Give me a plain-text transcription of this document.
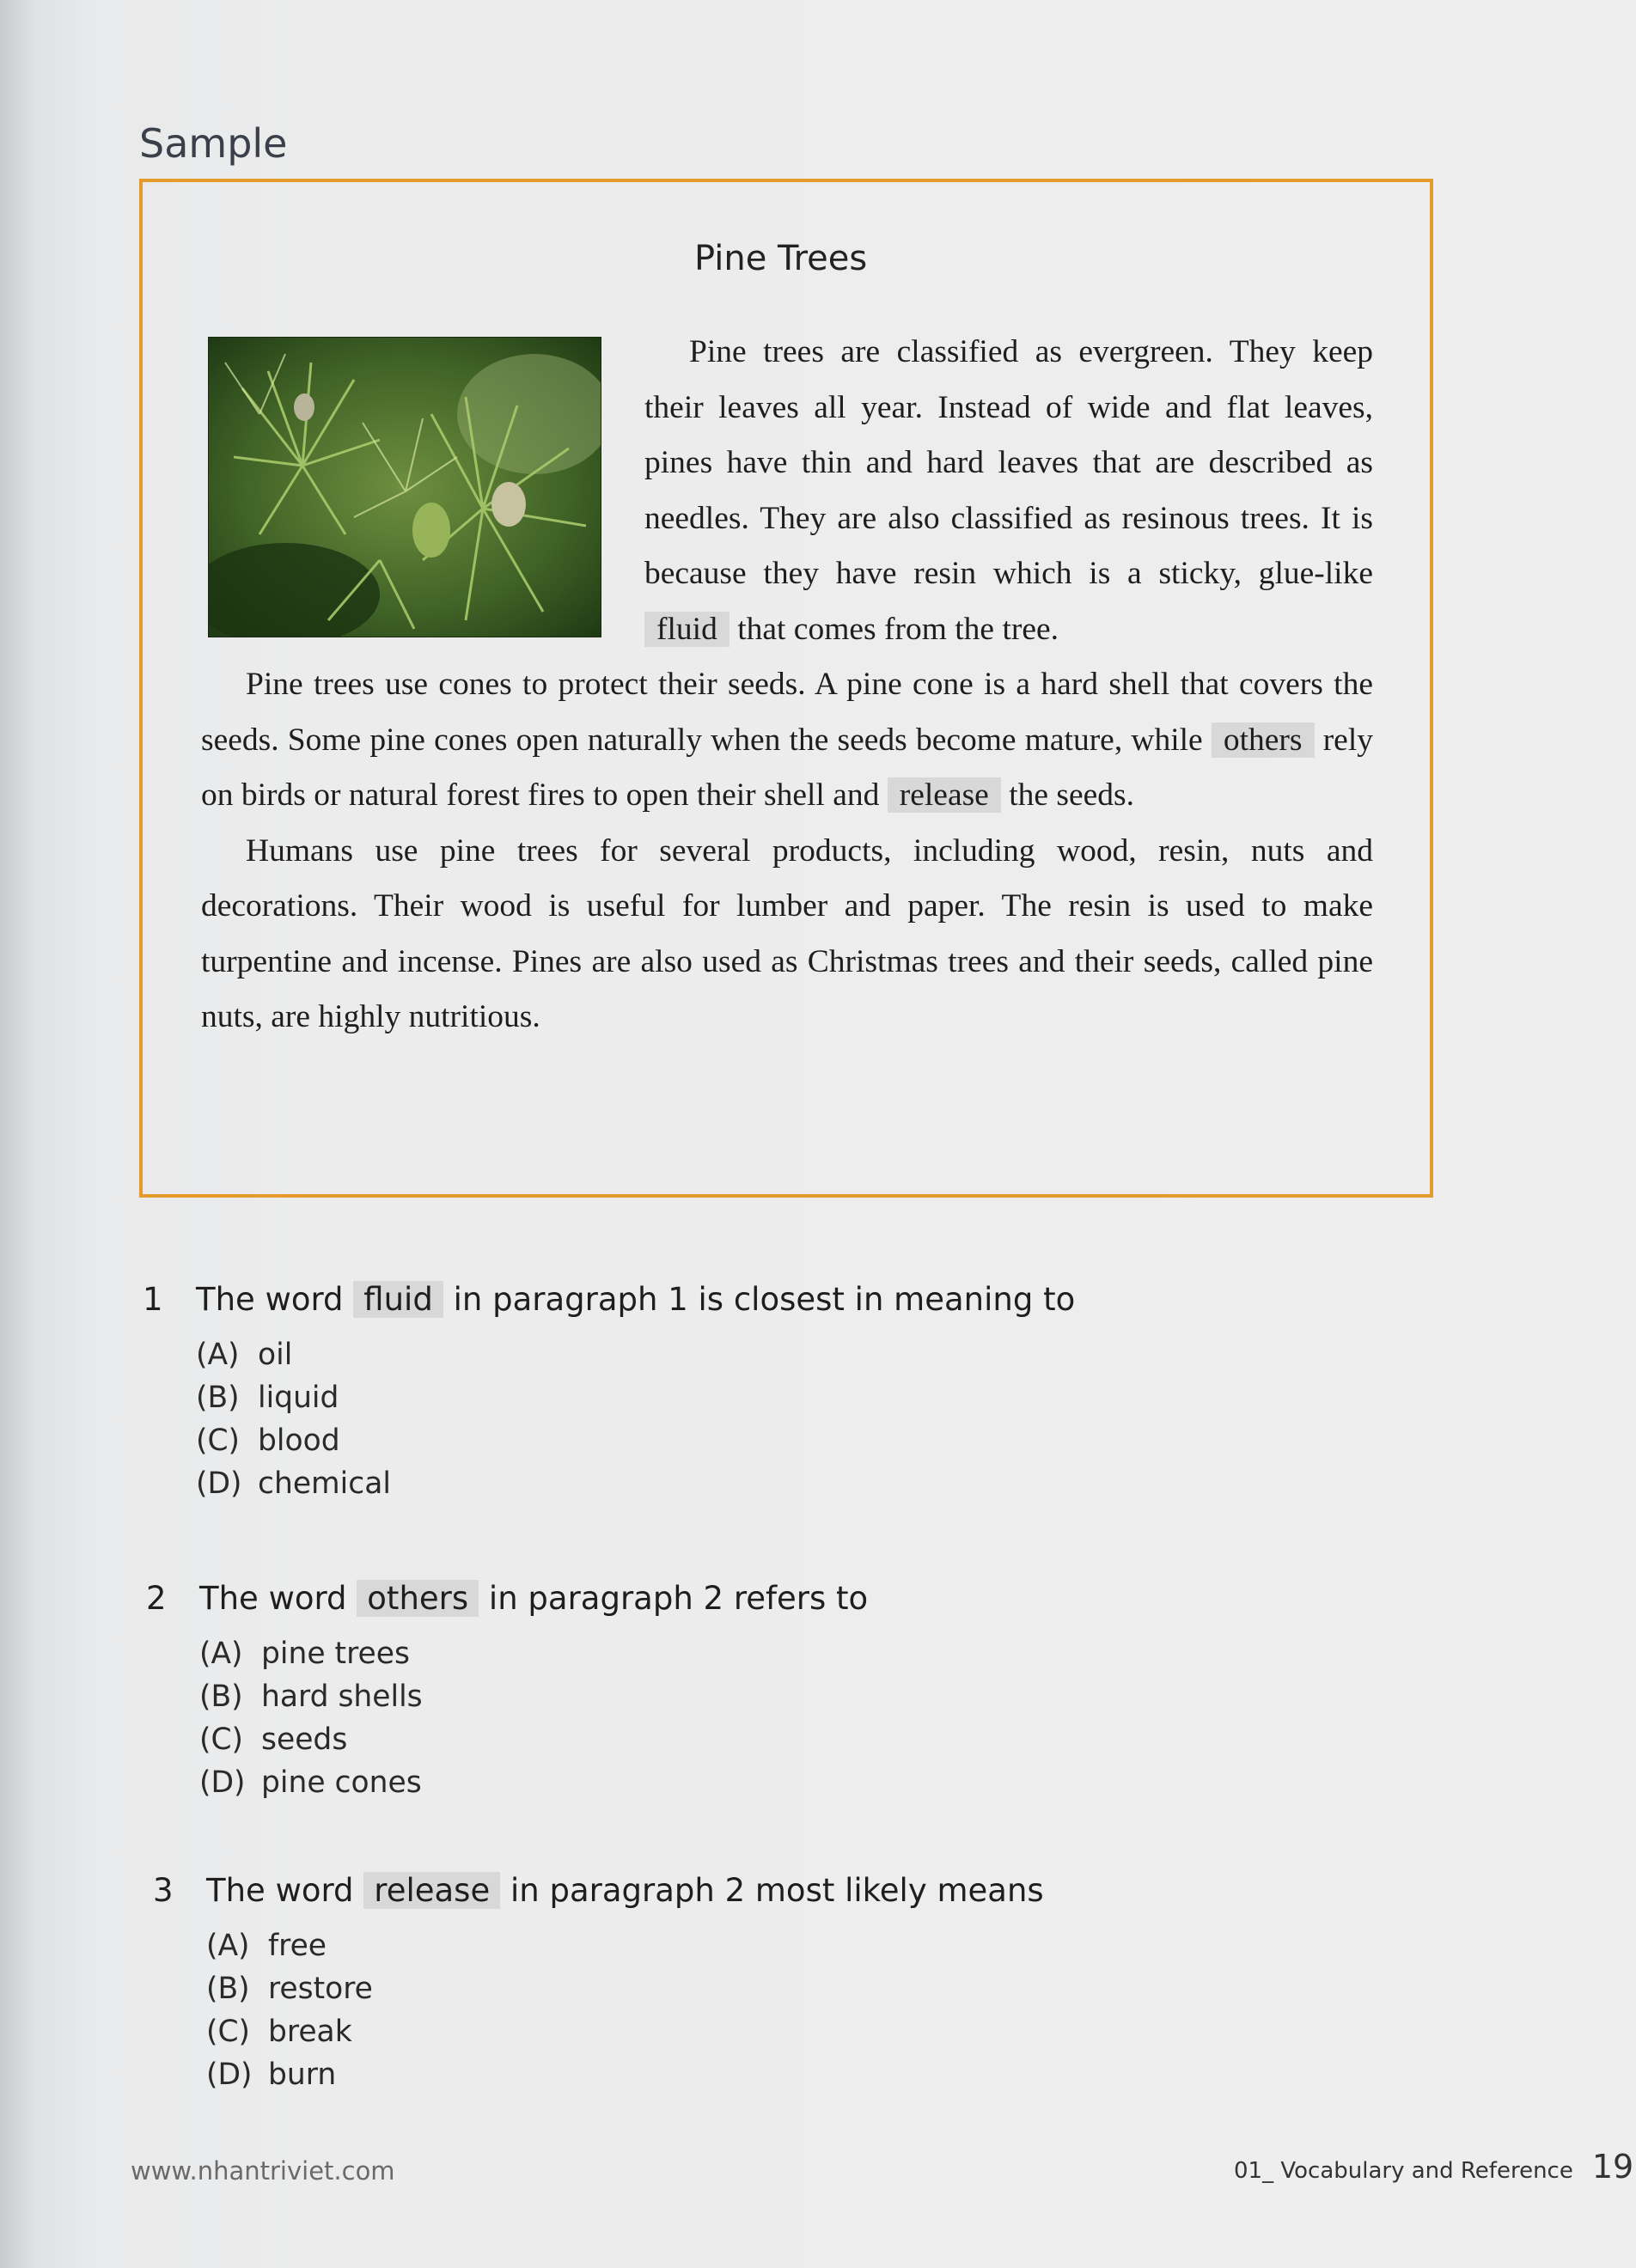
Sample
Pine Trees

Pine trees are classified as evergreen. They keep their leaves all year. Instead of wide and flat leaves, pines have thin and hard leaves that are described as needles. They are also classified as resinous trees. It is because they have resin which is a sticky, glue-like fluid that comes from the tree.

Pine trees use cones to protect their seeds. A pine cone is a hard shell that covers the seeds. Some pine cones open naturally when the seeds become mature, while others rely on birds or natural forest fires to open their shell and release the seeds.

Humans use pine trees for several products, including wood, resin, nuts and decorations. Their wood is useful for lumber and paper. The resin is used to make turpentine and incense. Pines are also used as Christmas trees and their seeds, called pine nuts, are highly nutritious.

1 The word fluid in paragraph 1 is closest in meaning to
(A) oil
(B) liquid
(C) blood
(D) chemical
2 The word others in paragraph 2 refers to
(A) pine trees
(B) hard shells
(C) seeds
(D) pine cones
3 The word release in paragraph 2 most likely means
(A) free
(B) restore
(C) break
(D) burn
www.nhantriviet.com	01_ Vocabulary and Reference 19
